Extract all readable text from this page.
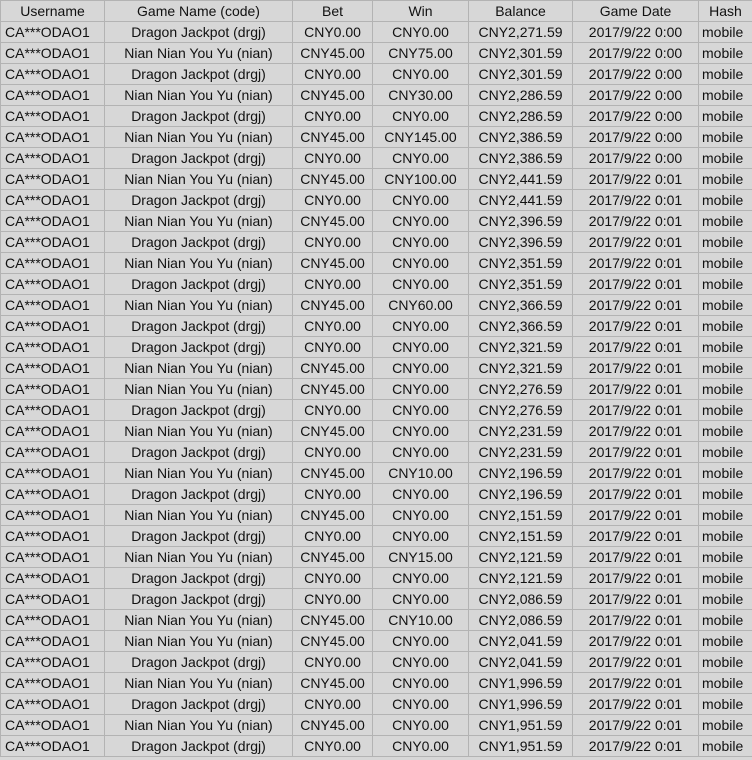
Username	Game Name (code)	Bet	Win	Balance	Game Date	Hash
CA***ODAO1	Dragon Jackpot (drgj)	CNY0.00	CNY0.00	CNY2,271.59	2017/9/22 0:00	mobile
CA***ODAO1	Nian Nian You Yu (nian)	CNY45.00	CNY75.00	CNY2,301.59	2017/9/22 0:00	mobile
CA***ODAO1	Dragon Jackpot (drgj)	CNY0.00	CNY0.00	CNY2,301.59	2017/9/22 0:00	mobile
CA***ODAO1	Nian Nian You Yu (nian)	CNY45.00	CNY30.00	CNY2,286.59	2017/9/22 0:00	mobile
CA***ODAO1	Dragon Jackpot (drgj)	CNY0.00	CNY0.00	CNY2,286.59	2017/9/22 0:00	mobile
CA***ODAO1	Nian Nian You Yu (nian)	CNY45.00	CNY145.00	CNY2,386.59	2017/9/22 0:00	mobile
CA***ODAO1	Dragon Jackpot (drgj)	CNY0.00	CNY0.00	CNY2,386.59	2017/9/22 0:00	mobile
CA***ODAO1	Nian Nian You Yu (nian)	CNY45.00	CNY100.00	CNY2,441.59	2017/9/22 0:01	mobile
CA***ODAO1	Dragon Jackpot (drgj)	CNY0.00	CNY0.00	CNY2,441.59	2017/9/22 0:01	mobile
CA***ODAO1	Nian Nian You Yu (nian)	CNY45.00	CNY0.00	CNY2,396.59	2017/9/22 0:01	mobile
CA***ODAO1	Dragon Jackpot (drgj)	CNY0.00	CNY0.00	CNY2,396.59	2017/9/22 0:01	mobile
CA***ODAO1	Nian Nian You Yu (nian)	CNY45.00	CNY0.00	CNY2,351.59	2017/9/22 0:01	mobile
CA***ODAO1	Dragon Jackpot (drgj)	CNY0.00	CNY0.00	CNY2,351.59	2017/9/22 0:01	mobile
CA***ODAO1	Nian Nian You Yu (nian)	CNY45.00	CNY60.00	CNY2,366.59	2017/9/22 0:01	mobile
CA***ODAO1	Dragon Jackpot (drgj)	CNY0.00	CNY0.00	CNY2,366.59	2017/9/22 0:01	mobile
CA***ODAO1	Dragon Jackpot (drgj)	CNY0.00	CNY0.00	CNY2,321.59	2017/9/22 0:01	mobile
CA***ODAO1	Nian Nian You Yu (nian)	CNY45.00	CNY0.00	CNY2,321.59	2017/9/22 0:01	mobile
CA***ODAO1	Nian Nian You Yu (nian)	CNY45.00	CNY0.00	CNY2,276.59	2017/9/22 0:01	mobile
CA***ODAO1	Dragon Jackpot (drgj)	CNY0.00	CNY0.00	CNY2,276.59	2017/9/22 0:01	mobile
CA***ODAO1	Nian Nian You Yu (nian)	CNY45.00	CNY0.00	CNY2,231.59	2017/9/22 0:01	mobile
CA***ODAO1	Dragon Jackpot (drgj)	CNY0.00	CNY0.00	CNY2,231.59	2017/9/22 0:01	mobile
CA***ODAO1	Nian Nian You Yu (nian)	CNY45.00	CNY10.00	CNY2,196.59	2017/9/22 0:01	mobile
CA***ODAO1	Dragon Jackpot (drgj)	CNY0.00	CNY0.00	CNY2,196.59	2017/9/22 0:01	mobile
CA***ODAO1	Nian Nian You Yu (nian)	CNY45.00	CNY0.00	CNY2,151.59	2017/9/22 0:01	mobile
CA***ODAO1	Dragon Jackpot (drgj)	CNY0.00	CNY0.00	CNY2,151.59	2017/9/22 0:01	mobile
CA***ODAO1	Nian Nian You Yu (nian)	CNY45.00	CNY15.00	CNY2,121.59	2017/9/22 0:01	mobile
CA***ODAO1	Dragon Jackpot (drgj)	CNY0.00	CNY0.00	CNY2,121.59	2017/9/22 0:01	mobile
CA***ODAO1	Dragon Jackpot (drgj)	CNY0.00	CNY0.00	CNY2,086.59	2017/9/22 0:01	mobile
CA***ODAO1	Nian Nian You Yu (nian)	CNY45.00	CNY10.00	CNY2,086.59	2017/9/22 0:01	mobile
CA***ODAO1	Nian Nian You Yu (nian)	CNY45.00	CNY0.00	CNY2,041.59	2017/9/22 0:01	mobile
CA***ODAO1	Dragon Jackpot (drgj)	CNY0.00	CNY0.00	CNY2,041.59	2017/9/22 0:01	mobile
CA***ODAO1	Nian Nian You Yu (nian)	CNY45.00	CNY0.00	CNY1,996.59	2017/9/22 0:01	mobile
CA***ODAO1	Dragon Jackpot (drgj)	CNY0.00	CNY0.00	CNY1,996.59	2017/9/22 0:01	mobile
CA***ODAO1	Nian Nian You Yu (nian)	CNY45.00	CNY0.00	CNY1,951.59	2017/9/22 0:01	mobile
CA***ODAO1	Dragon Jackpot (drgj)	CNY0.00	CNY0.00	CNY1,951.59	2017/9/22 0:01	mobile
